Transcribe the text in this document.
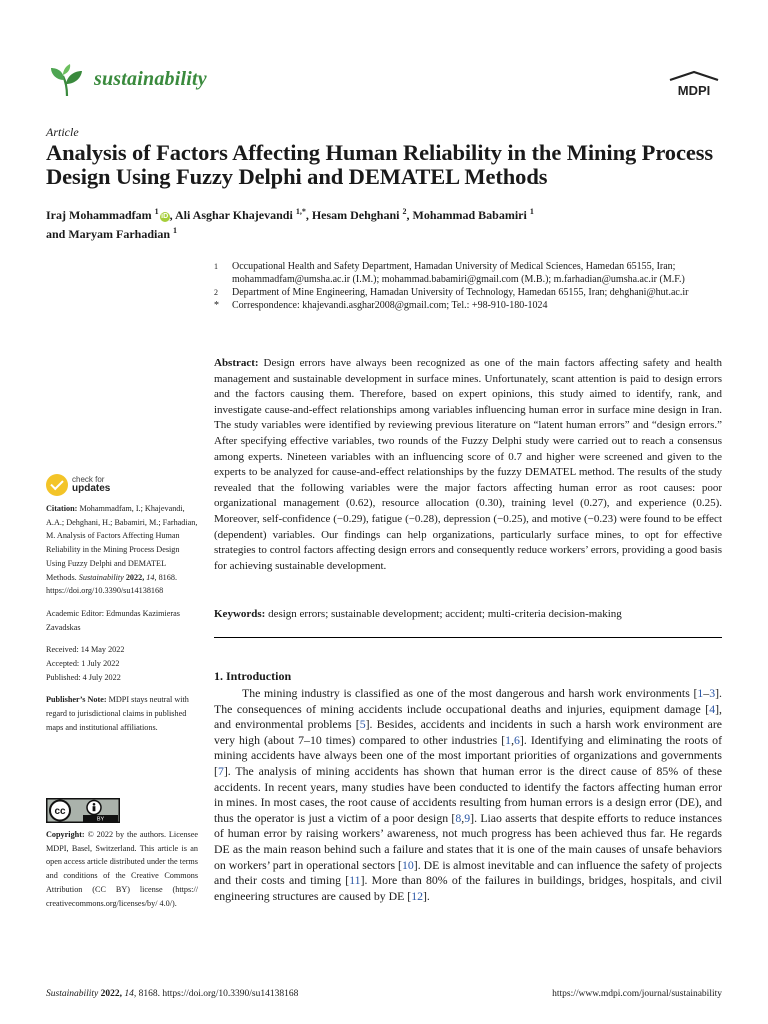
sustainability
MDPI
Article
Analysis of Factors Affecting Human Reliability in the Mining Process Design Using Fuzzy Delphi and DEMATEL Methods
Iraj Mohammadfam $^1$iD , Ali Asghar Khajevandi $^{1,*}$, Hesam Dehghani $^2$, Mohammad Babamiri $^1$
and Maryam Farhadian $^1$
1	Occupational Health and Safety Department, Hamadan University of Medical Sciences, Hamedan 65155, Iran; mohammadfam@umsha.ac.ir (I.M.); mohammad.babamiri@gmail.com (M.B.); m.farhadian@umsha.ac.ir (M.F.)
2	Department of Mine Engineering, Hamadan University of Technology, Hamedan 65155, Iran; dehghani@hut.ac.ir
*	Correspondence: khajevandi.asghar2008@gmail.com; Tel.: +98-910-180-1024
Abstract: Design errors have always been recognized as one of the main factors affecting safety and health management and sustainable development in surface mines. Unfortunately, scant attention is paid to design errors and the factors causing them. Therefore, based on expert opinions, this study aimed to identify, rank, and investigate cause-and-effect relationships among variables influencing human error in surface mine design in Iran. The study variables were identified by reviewing previous literature on “latent human errors” and “design errors.” After specifying effective variables, two rounds of the Fuzzy Delphi study were carried out to reach a consensus among experts. Nineteen variables with an influencing score of 0.7 and higher were screened and given to the experts to be analyzed for cause-and-effect relationships by the fuzzy DEMATEL method. The results of the study revealed that the following variables were the major factors affecting human error as root causes: poor organizational management (0.62), resource allocation (0.30), training level (0.27), and experience (0.25). Moreover, self-confidence (−0.29), fatigue (−0.28), depression (−0.25), and motive (−0.23) were found to be effect (dependent) variables. Our findings can help organizations, particularly surface mines, to opt for effective strategies to control factors affecting design errors and consequently reduce workers’ errors, providing a good basis for achieving sustainable development.
Keywords: design errors; sustainable development; accident; multi-criteria decision-making
check for
updates

Citation: Mohammadfam, I.; Khajevandi, A.A.; Dehghani, H.; Babamiri, M.; Farhadian, M. Analysis of Factors Affecting Human Reliability in the Mining Process Design Using Fuzzy Delphi and DEMATEL Methods. Sustainability 2022, 14, 8168. https://doi.org/10.3390/su14138168

Academic Editor: Edmundas Kazimieras Zavadskas

Received: 14 May 2022
Accepted: 1 July 2022
Published: 4 July 2022

Publisher’s Note: MDPI stays neutral with regard to jurisdictional claims in published maps and institutional affiliations.

cc
BY
Copyright: © 2022 by the authors. Licensee MDPI, Basel, Switzerland. This article is an open access article distributed under the terms and conditions of the Creative Commons Attribution (CC BY) license (https:// creativecommons.org/licenses/by/ 4.0/).
1. Introduction
The mining industry is classified as one of the most dangerous and harsh work environments [1–3]. The consequences of mining accidents include occupational deaths and injuries, equipment damage [4], and environmental problems [5]. Besides, accidents and incidents in such a harsh work environment are very high (about 7–10 times) compared to other industries [1,6]. Identifying and eliminating the roots of mining accidents have always been one of the most important priorities of organizations and governments [7]. The analysis of mining accidents has shown that human error is the direct cause of 85% of these accidents. In recent years, many studies have been conducted to identify the factors affecting human error in mines. In most cases, the root cause of accidents resulting from human errors is a design error (DE), and thus the operator is just a victim of a poor design [8,9]. Liao asserts that despite efforts to reduce instances of human error by raising workers’ awareness, not much progress has been achieved thus far. He regards DE as the main reason behind such a failure and states that it is one of the main causes of unsafe behaviors on workers’ part in operational sectors [10]. DE is almost inevitable and can influence the safety of projects and their costs and timing [11]. More than 80% of the failures in buildings, bridges, hospitals, and civil engineering structures are caused by DE [12].
Sustainability 2022, 14, 8168. https://doi.org/10.3390/su14138168	https://www.mdpi.com/journal/sustainability
